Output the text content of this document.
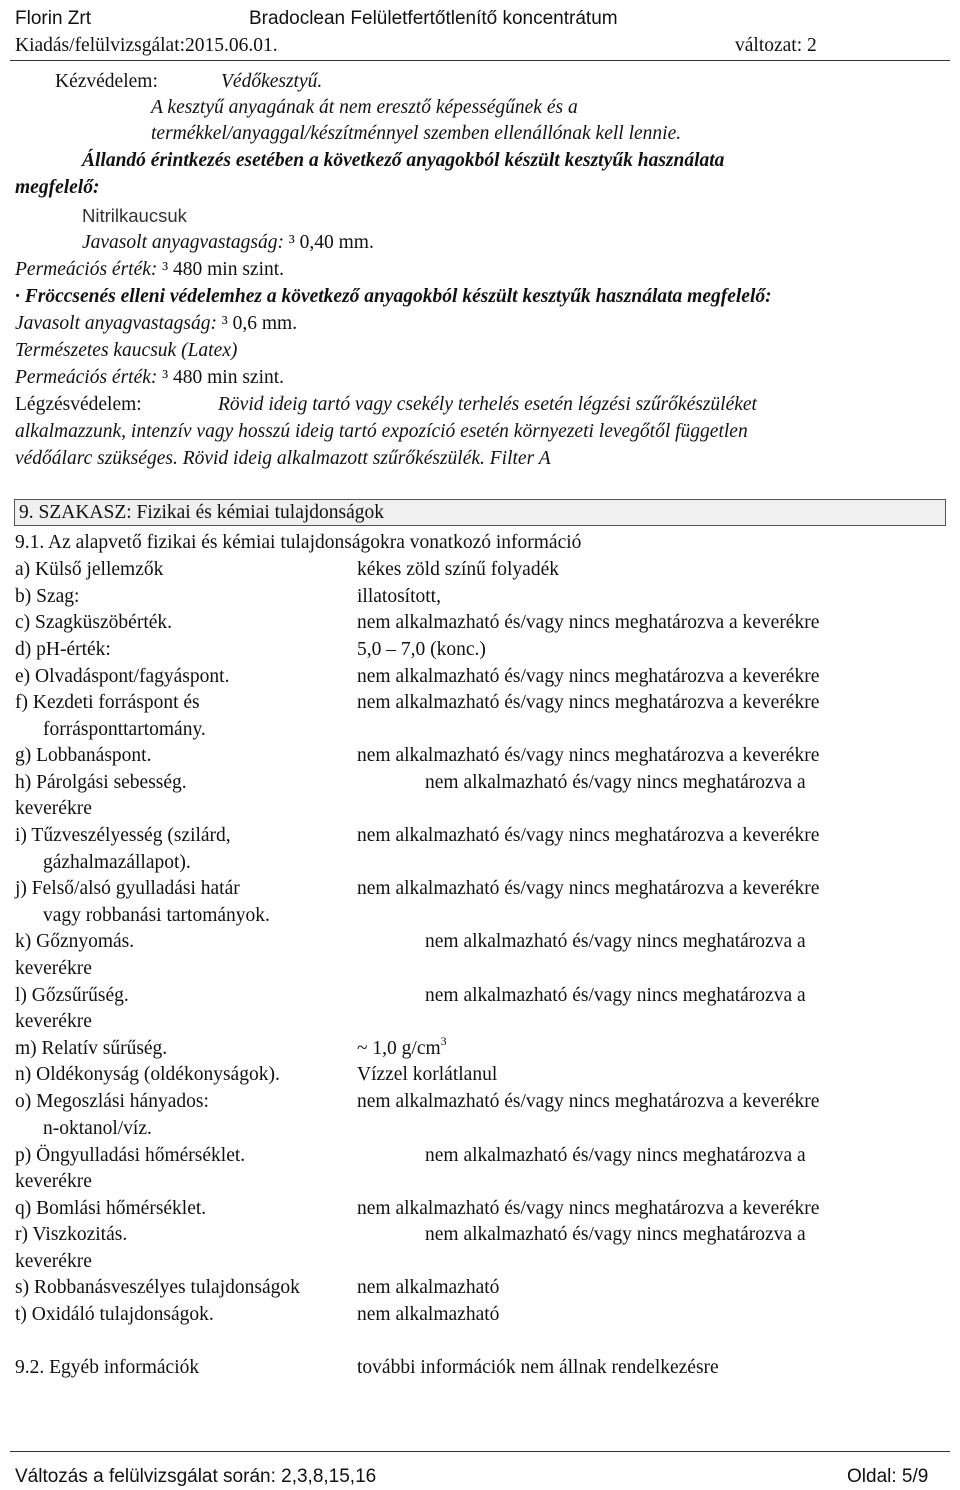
Florin Zrt	Bradoclean Felületfertőtlenítő koncentrátum
Kiadás/felülvizsgálat:2015.06.01.	változat: 2
Kézvédelem:	Védőkesztyű.
A kesztyű anyagának át nem eresztő képességűnek és a
termékkel/anyaggal/készítménnyel szemben ellenállónak kell lennie.
Állandó érintkezés esetében a következő anyagokból készült kesztyűk használata
megfelelő:
Nitrilkaucsuk
Javasolt anyagvastagság: ³ 0,40 mm.
Permeációs érték: ³ 480 min szint.
· Fröccsenés elleni védelemhez a következő anyagokból készült kesztyűk használata megfelelő:
Javasolt anyagvastagság: ³ 0,6 mm.
Természetes kaucsuk (Latex)
Permeációs érték: ³ 480 min szint.
Légzésvédelem:	Rövid ideig tartó vagy csekély terhelés esetén légzési szűrőkészüléket
alkalmazzunk, intenzív vagy hosszú ideig tartó expozíció esetén környezeti levegőtől független
védőálarc szükséges. Rövid ideig alkalmazott szűrőkészülék. Filter A
9. SZAKASZ: Fizikai és kémiai tulajdonságok
9.1. Az alapvető fizikai és kémiai tulajdonságokra vonatkozó információ
a) Külső jellemzők	kékes zöld színű folyadék
b) Szag:	illatosított,
c) Szagküszöbérték.	nem alkalmazható és/vagy nincs meghatározva a keverékre
d) pH-érték:	5,0 – 7,0 (konc.)
e) Olvadáspont/fagyáspont.	nem alkalmazható és/vagy nincs meghatározva a keverékre
f) Kezdeti forráspont és	nem alkalmazható és/vagy nincs meghatározva a keverékre
forrásponttartomány.
g) Lobbanáspont.	nem alkalmazható és/vagy nincs meghatározva a keverékre
h) Párolgási sebesség.	nem alkalmazható és/vagy nincs meghatározva a
keverékre
i) Tűzveszélyesség (szilárd,	nem alkalmazható és/vagy nincs meghatározva a keverékre
gázhalmazállapot).
j) Felső/alsó gyulladási határ	nem alkalmazható és/vagy nincs meghatározva a keverékre
vagy robbanási tartományok.
k) Gőznyomás.	nem alkalmazható és/vagy nincs meghatározva a
keverékre
l) Gőzsűrűség.	nem alkalmazható és/vagy nincs meghatározva a
keverékre
m) Relatív sűrűség.	~ 1,0 $g/cm^3$
n) Oldékonyság (oldékonyságok).	Vízzel korlátlanul
o) Megoszlási hányados:	nem alkalmazható és/vagy nincs meghatározva a keverékre
n-oktanol/víz.
p) Öngyulladási hőmérséklet.	nem alkalmazható és/vagy nincs meghatározva a
keverékre
q) Bomlási hőmérséklet.	nem alkalmazható és/vagy nincs meghatározva a keverékre
r) Viszkozitás.	nem alkalmazható és/vagy nincs meghatározva a
keverékre
s) Robbanásveszélyes tulajdonságok	nem alkalmazható
t) Oxidáló tulajdonságok.	nem alkalmazható
9.2. Egyéb információk	további információk nem állnak rendelkezésre
Változás a felülvizsgálat során: 2,3,8,15,16	Oldal: 5/9
